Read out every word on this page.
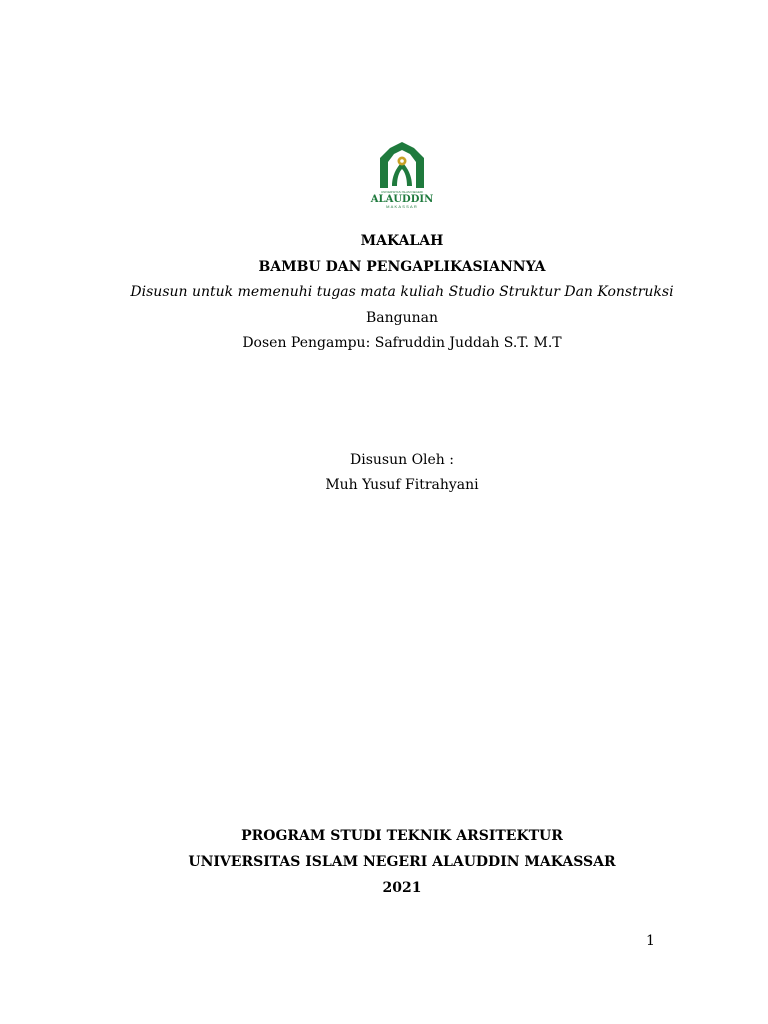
UNIVERSITAS ISLAM NEGERI
ALAUDDIN
MAKASSAR
MAKALAH
BAMBU DAN PENGAPLIKASIANNYA
Disusun untuk memenuhi tugas mata kuliah Studio Struktur Dan Konstruksi
Bangunan
Dosen Pengampu: Safruddin Juddah S.T. M.T
Disusun Oleh :
Muh Yusuf Fitrahyani
PROGRAM STUDI TEKNIK ARSITEKTUR
UNIVERSITAS ISLAM NEGERI ALAUDDIN MAKASSAR
2021
1
